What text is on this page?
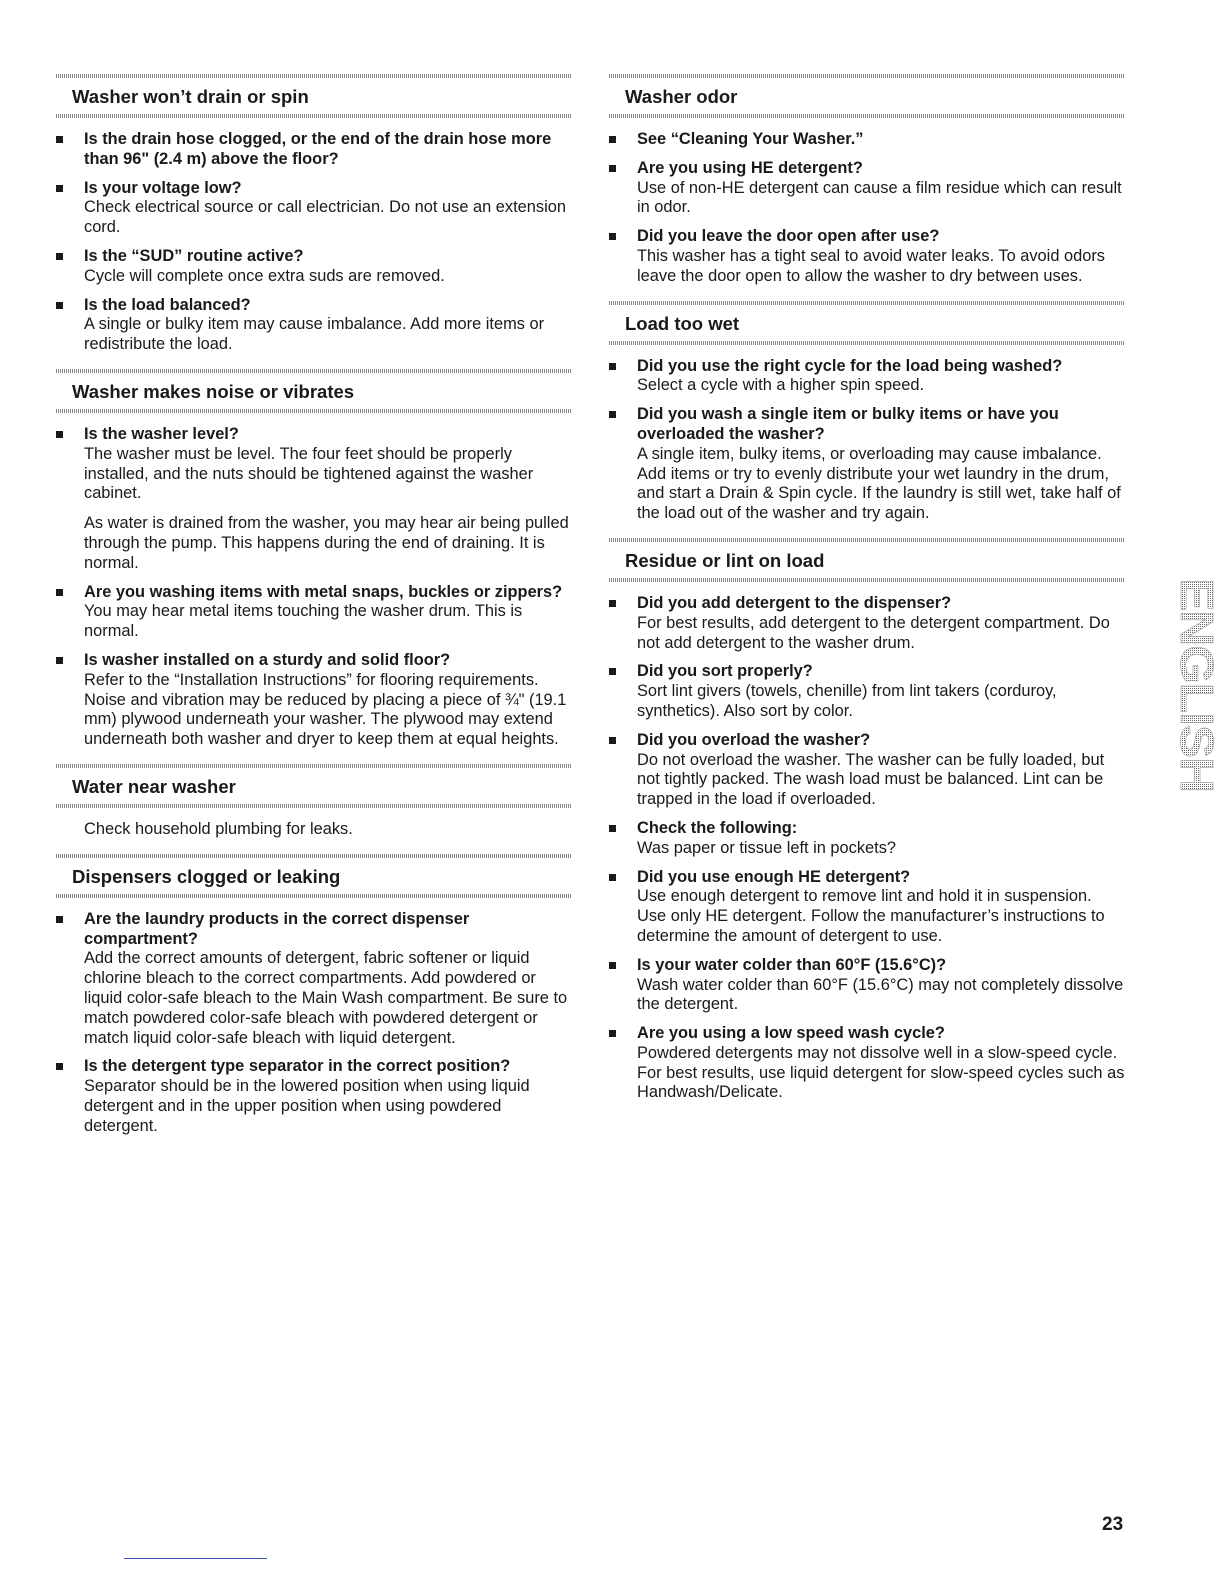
Washer won’t drain or spin
Is the drain hose clogged, or the end of the drain hose more than 96" (2.4 m) above the floor?
Is your voltage low?
Check electrical source or call electrician. Do not use an extension cord.
Is the “SUD” routine active?
Cycle will complete once extra suds are removed.
Is the load balanced?
A single or bulky item may cause imbalance. Add more items or redistribute the load.
Washer makes noise or vibrates
Is the washer level?
The washer must be level. The four feet should be properly installed, and the nuts should be tightened against the washer cabinet.
As water is drained from the washer, you may hear air being pulled through the pump. This happens during the end of draining. It is normal.
Are you washing items with metal snaps, buckles or zippers?
You may hear metal items touching the washer drum. This is normal.
Is washer installed on a sturdy and solid floor?
Refer to the “Installation Instructions” for flooring requirements. Noise and vibration may be reduced by placing a piece of ¾" (19.1 mm) plywood underneath your washer. The plywood may extend underneath both washer and dryer to keep them at equal heights.
Water near washer
Check household plumbing for leaks.
Dispensers clogged or leaking
Are the laundry products in the correct dispenser compartment?
Add the correct amounts of detergent, fabric softener or liquid chlorine bleach to the correct compartments. Add powdered or liquid color-safe bleach to the Main Wash compartment. Be sure to match powdered color-safe bleach with powdered detergent or match liquid color-safe bleach with liquid detergent.
Is the detergent type separator in the correct position?
Separator should be in the lowered position when using liquid detergent and in the upper position when using powdered detergent.
Washer odor
See “Cleaning Your Washer.”
Are you using HE detergent?
Use of non-HE detergent can cause a film residue which can result in odor.
Did you leave the door open after use?
This washer has a tight seal to avoid water leaks. To avoid odors leave the door open to allow the washer to dry between uses.
Load too wet
Did you use the right cycle for the load being washed?
Select a cycle with a higher spin speed.
Did you wash a single item or bulky items or have you overloaded the washer?
A single item, bulky items, or overloading may cause imbalance. Add items or try to evenly distribute your wet laundry in the drum, and start a Drain & Spin cycle. If the laundry is still wet, take half of the load out of the washer and try again.
Residue or lint on load
Did you add detergent to the dispenser?
For best results, add detergent to the detergent compartment. Do not add detergent to the washer drum.
Did you sort properly?
Sort lint givers (towels, chenille) from lint takers (corduroy, synthetics). Also sort by color.
Did you overload the washer?
Do not overload the washer. The washer can be fully loaded, but not tightly packed. The wash load must be balanced. Lint can be trapped in the load if overloaded.
Check the following:
Was paper or tissue left in pockets?
Did you use enough HE detergent?
Use enough detergent to remove lint and hold it in suspension. Use only HE detergent. Follow the manufacturer’s instructions to determine the amount of detergent to use.
Is your water colder than 60°F (15.6°C)?
Wash water colder than 60°F (15.6°C) may not completely dissolve the detergent.
Are you using a low speed wash cycle?
Powdered detergents may not dissolve well in a slow-speed cycle. For best results, use liquid detergent for slow-speed cycles such as Handwash/Delicate.
ENGLISH
23
